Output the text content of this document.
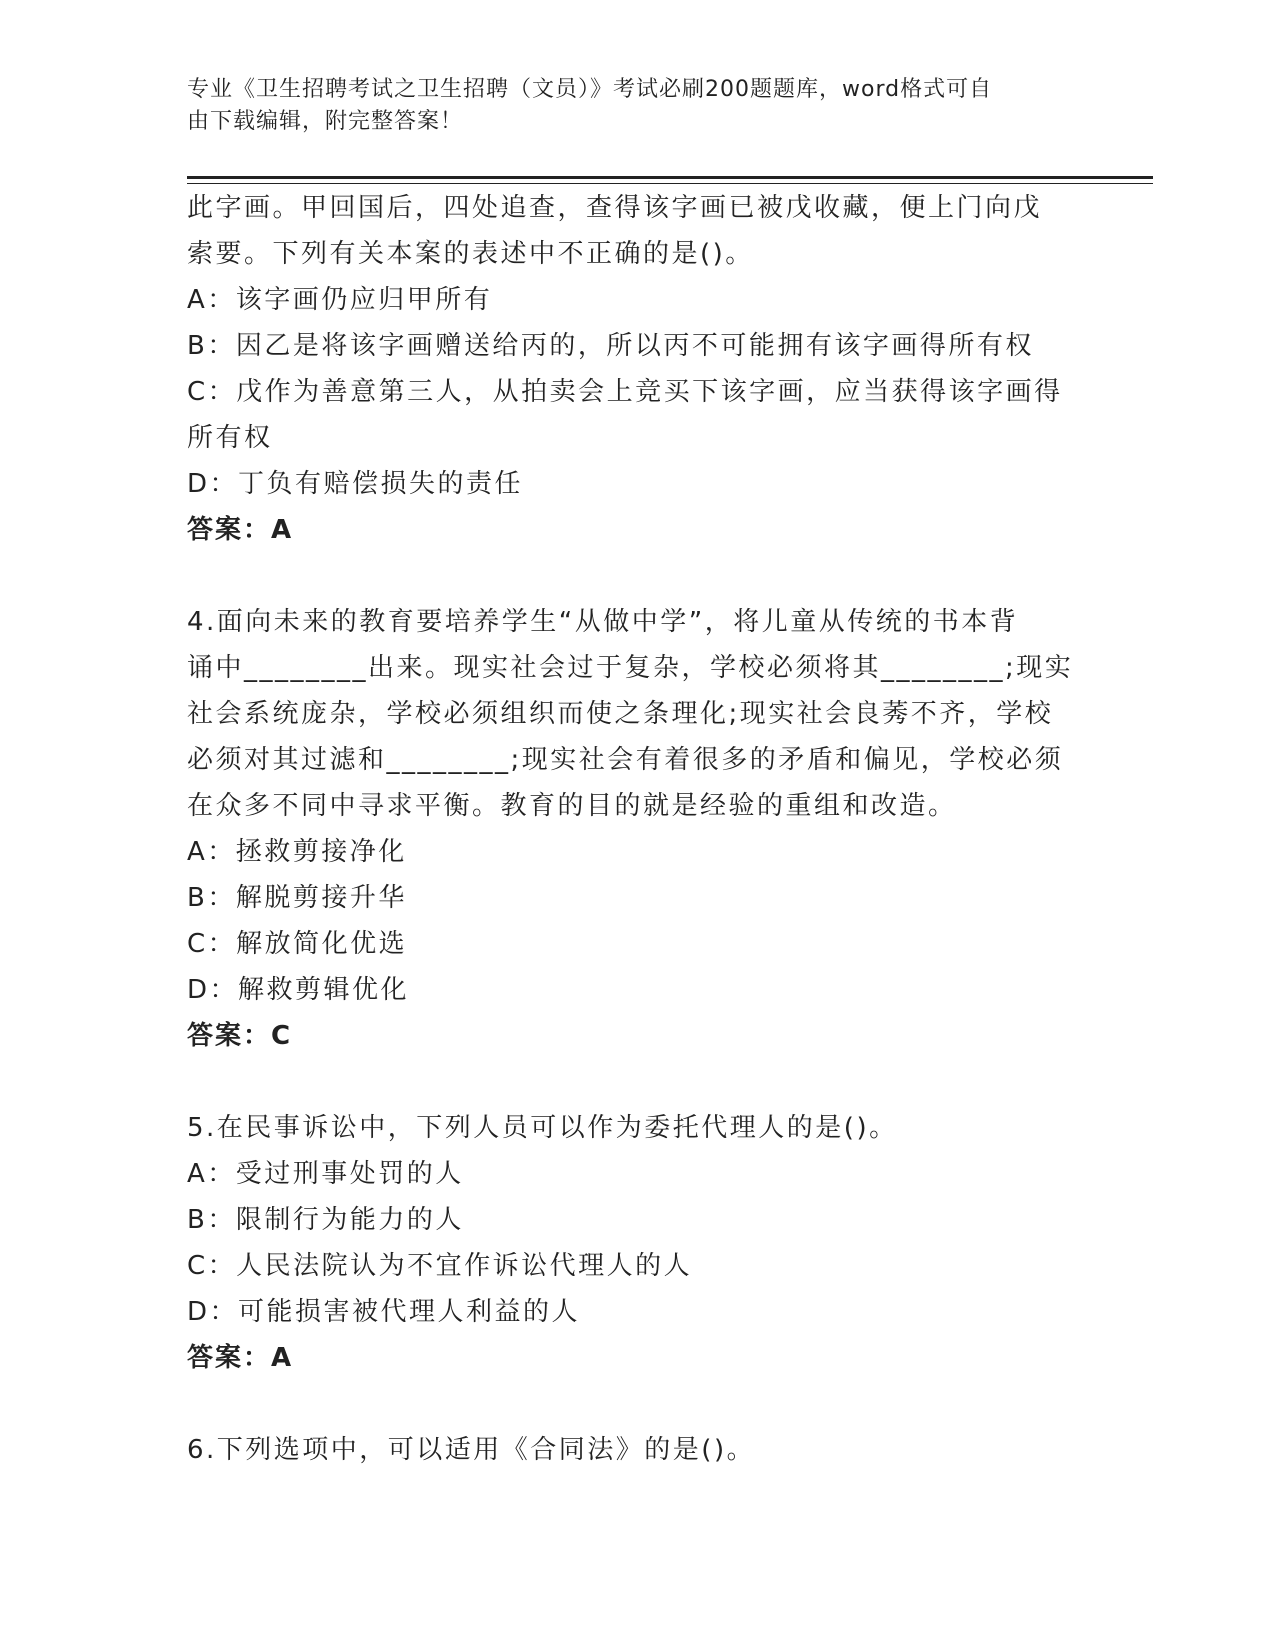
专业《卫生招聘考试之卫生招聘（文员）》考试必刷200题题库，word格式可自
由下载编辑，附完整答案！
此字画。甲回国后，四处追查，查得该字画已被戊收藏，便上门向戊
索要。下列有关本案的表述中不正确的是()。
A：该字画仍应归甲所有
B：因乙是将该字画赠送给丙的，所以丙不可能拥有该字画得所有权
C：戊作为善意第三人，从拍卖会上竞买下该字画，应当获得该字画得
所有权
D：丁负有赔偿损失的责任
答案：A
4.面向未来的教育要培养学生“从做中学”，将儿童从传统的书本背
诵中________出来。现实社会过于复杂，学校必须将其________;现实
社会系统庞杂，学校必须组织而使之条理化;现实社会良莠不齐，学校
必须对其过滤和________;现实社会有着很多的矛盾和偏见，学校必须
在众多不同中寻求平衡。教育的目的就是经验的重组和改造。
A：拯救剪接净化
B：解脱剪接升华
C：解放简化优选
D：解救剪辑优化
答案：C
5.在民事诉讼中，下列人员可以作为委托代理人的是()。
A：受过刑事处罚的人
B：限制行为能力的人
C：人民法院认为不宜作诉讼代理人的人
D：可能损害被代理人利益的人
答案：A
6.下列选项中，可以适用《合同法》的是()。
